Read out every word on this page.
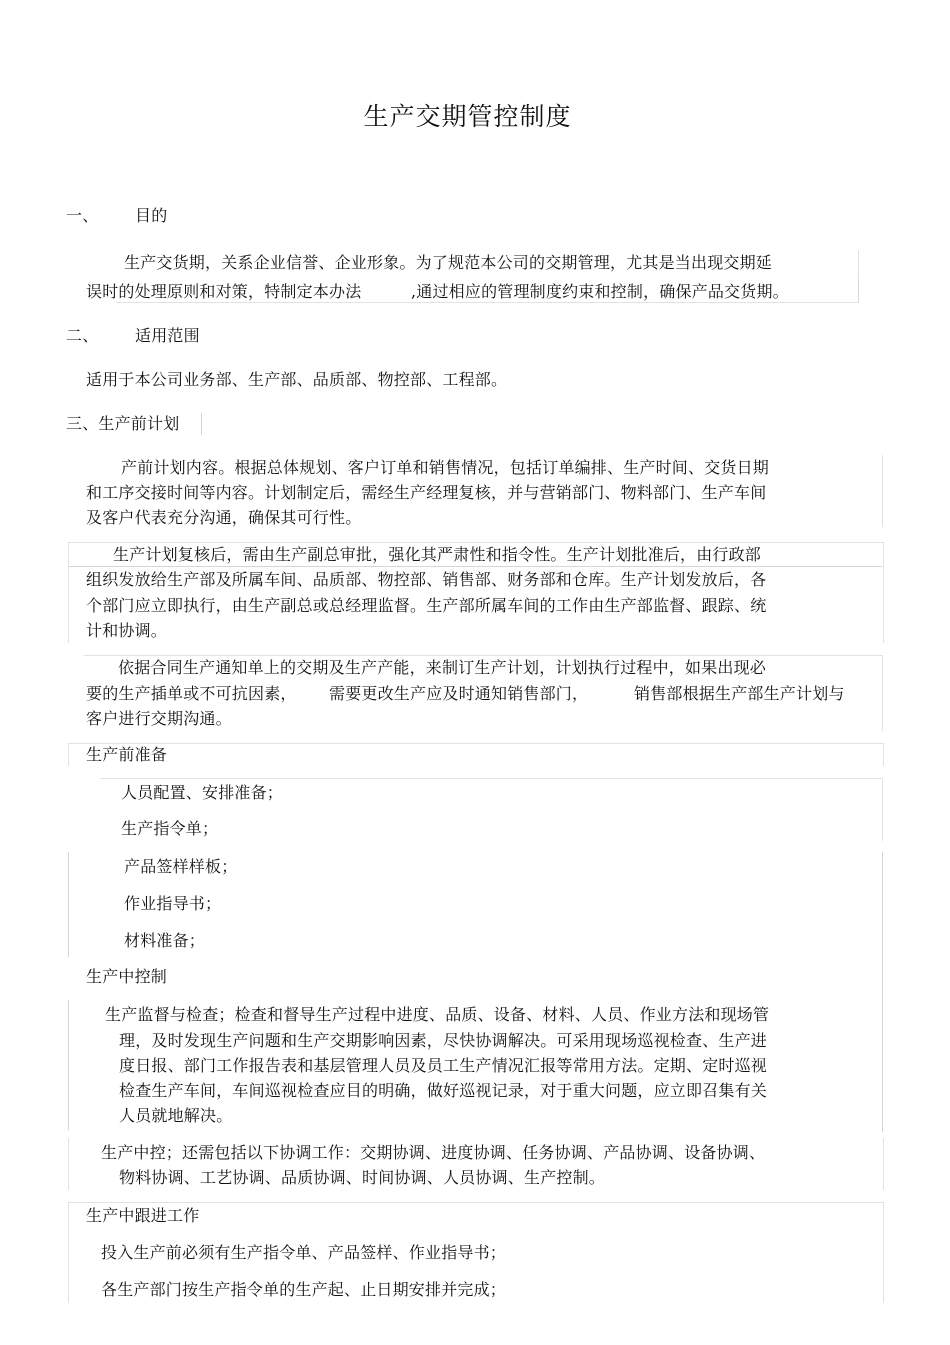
生产交期管控制度
一、 目的
生产交货期，关系企业信誉、企业形象。为了规范本公司的交期管理，尤其是当出现交期延
误时的处理原则和对策，特制定本办法	,通过相应的管理制度约束和控制，确保产品交货期。
二、 适用范围
适用于本公司业务部、生产部、品质部、物控部、工程部。
三、生产前计划
产前计划内容。根据总体规划、客户订单和销售情况，包括订单编排、生产时间、交货日期
和工序交接时间等内容。计划制定后，需经生产经理复核，并与营销部门、物料部门、生产车间
及客户代表充分沟通，确保其可行性。
生产计划复核后，需由生产副总审批，强化其严肃性和指令性。生产计划批准后，由行政部
组织发放给生产部及所属车间、品质部、物控部、销售部、财务部和仓库。生产计划发放后，各
个部门应立即执行，由生产副总或总经理监督。生产部所属车间的工作由生产部监督、跟踪、统
计和协调。
依据合同生产通知单上的交期及生产产能，来制订生产计划，计划执行过程中，如果出现必
要的生产插单或不可抗因素， 需要更改生产应及时通知销售部门，	销售部根据生产部生产计划与
客户进行交期沟通。
生产前准备
人员配置、安排准备；
生产指令单；
产品签样样板；
作业指导书；
材料准备；
生产中控制
生产监督与检查；检查和督导生产过程中进度、品质、设备、材料、人员、作业方法和现场管
理，及时发现生产问题和生产交期影响因素，尽快协调解决。可采用现场巡视检查、生产进
度日报、部门工作报告表和基层管理人员及员工生产情况汇报等常用方法。定期、定时巡视
检查生产车间，车间巡视检查应目的明确，做好巡视记录，对于重大问题，应立即召集有关
人员就地解决。
生产中控；还需包括以下协调工作：交期协调、进度协调、任务协调、产品协调、设备协调、
物料协调、工艺协调、品质协调、时间协调、人员协调、生产控制。
生产中跟进工作
投入生产前必须有生产指令单、产品签样、作业指导书；
各生产部门按生产指令单的生产起、止日期安排并完成；
